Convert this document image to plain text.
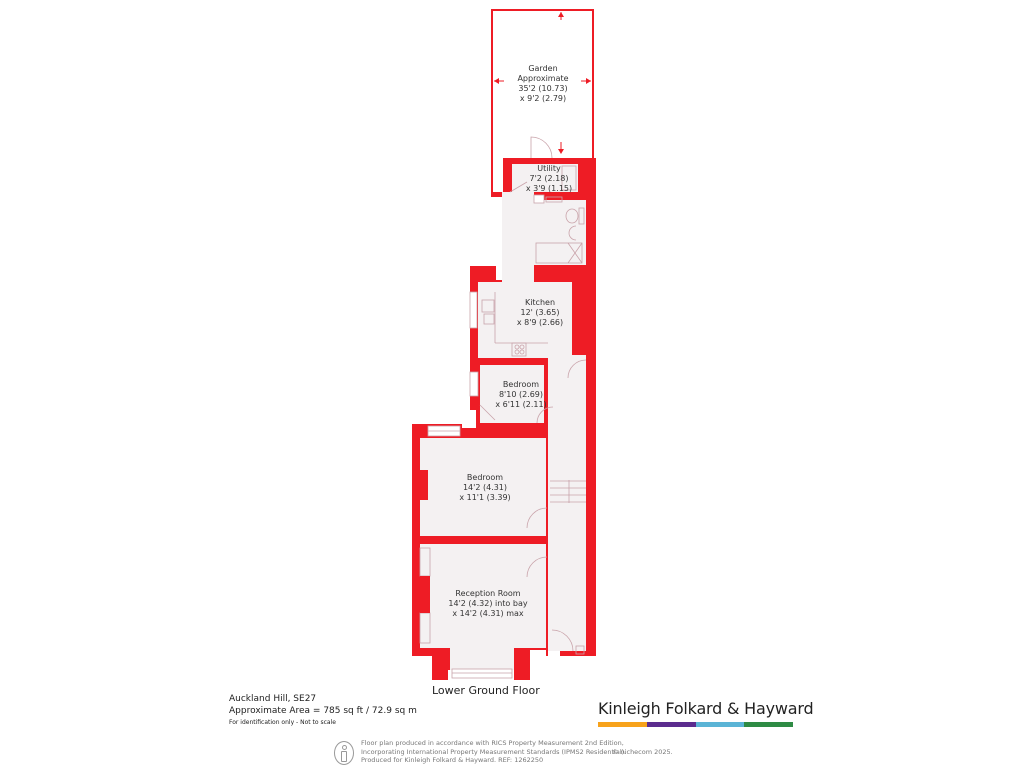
Garden
Approximate
35'2 (10.73)
x 9'2 (2.79)
Utility
7'2 (2.18)
x 3'9 (1.15)
Kitchen
12' (3.65)
x 8'9 (2.66)
Bedroom
8'10 (2.69)
x 6'11 (2.11)
Bedroom
14'2 (4.31)
x 11'1 (3.39)
Reception Room
14'2 (4.32) into bay
x 14'2 (4.31) max
Lower Ground Floor
Auckland Hill, SE27
Approximate Area = 785 sq ft / 72.9 sq m
For identification only - Not to scale
Kinleigh Folkard & Hayward
Floor plan produced in accordance with RICS Property Measurement 2nd Edition,
Incorporating International Property Measurement Standards (IPMS2 Residential).
Produced for Kinleigh Folkard & Hayward. REF: 1262250
© nichecom 2025.
